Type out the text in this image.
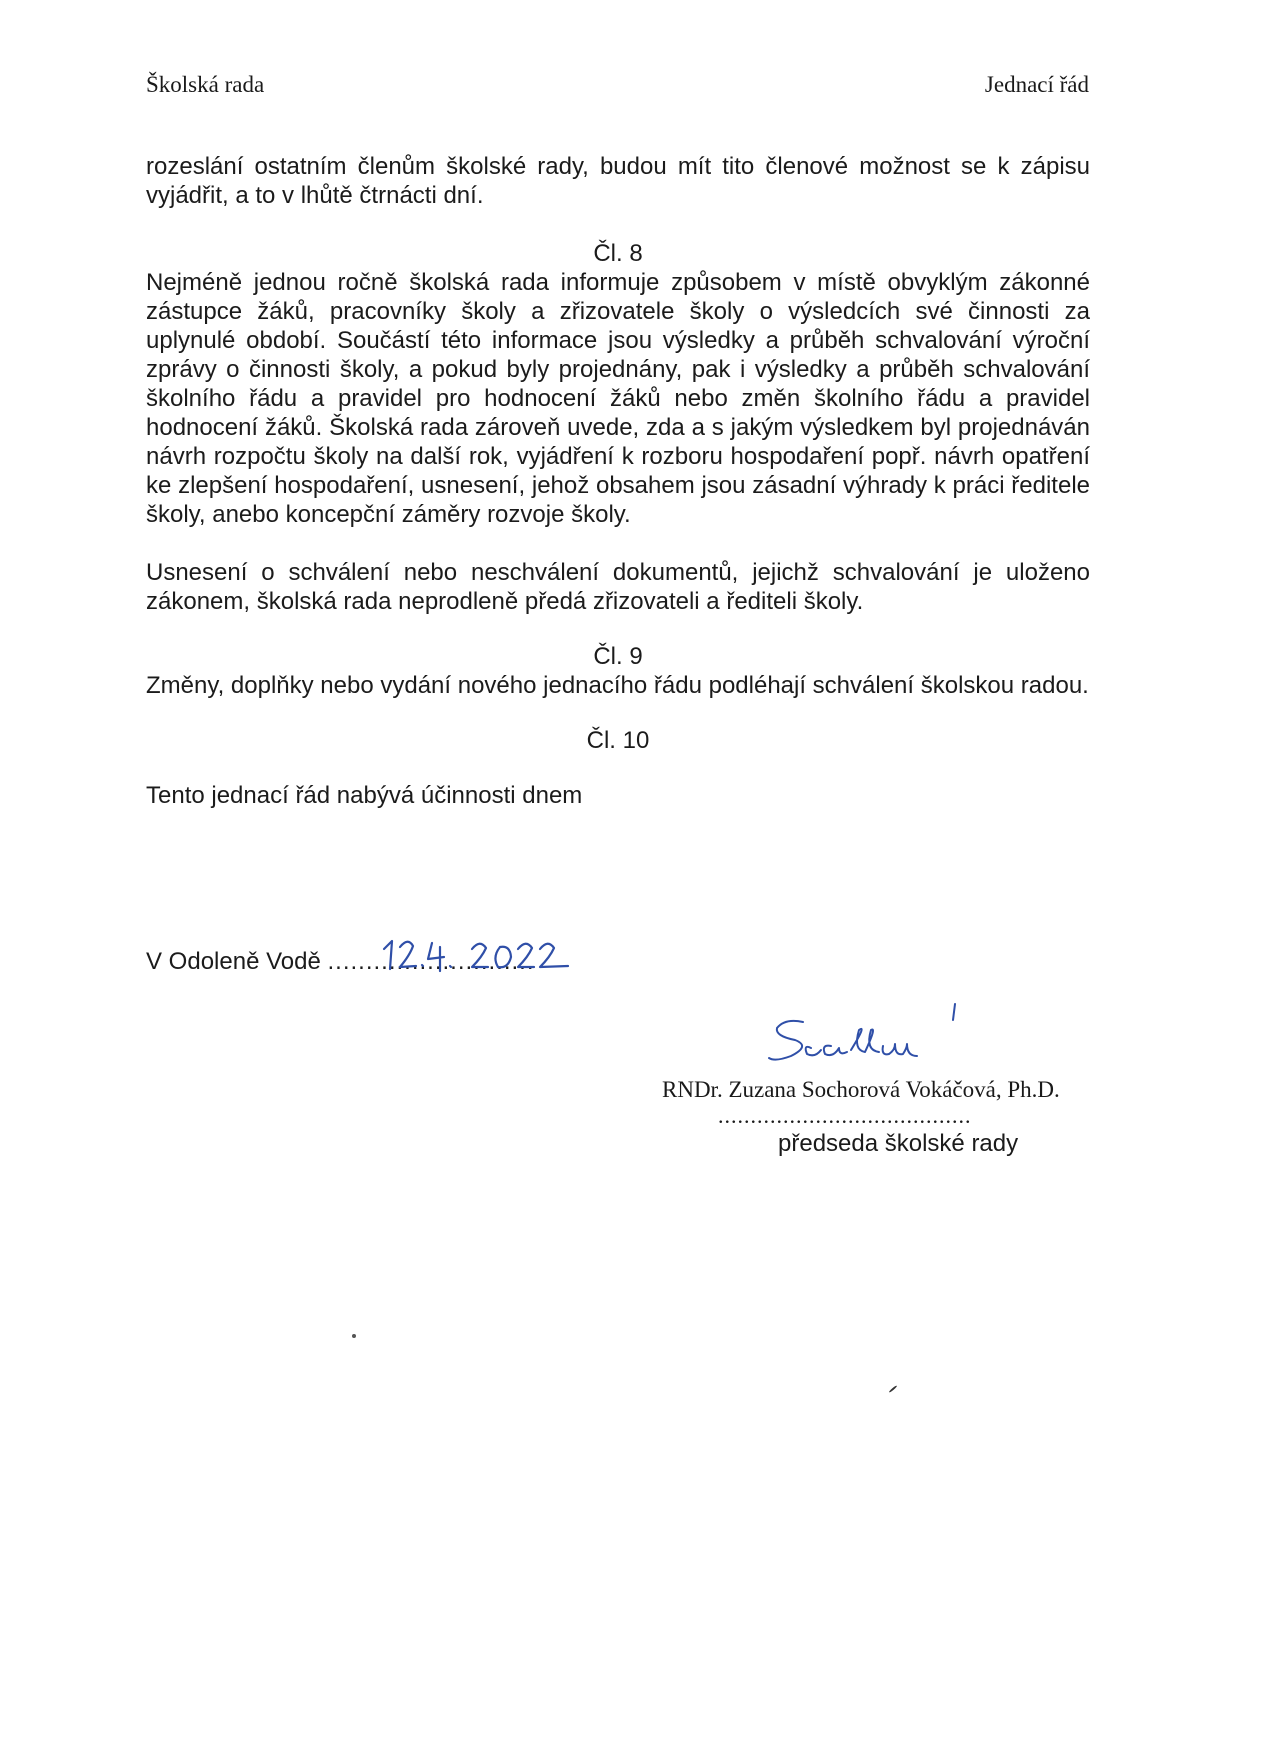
Školská rada	Jednací řád

rozeslání ostatním členům školské rady, budou mít tito členové možnost se k zápisu vyjádřit, a to v lhůtě čtrnácti dní.

Čl. 8

Nejméně jednou ročně školská rada informuje způsobem v místě obvyklým zákonné zástupce žáků, pracovníky školy a zřizovatele školy o výsledcích své činnosti za uplynulé období. Součástí této informace jsou výsledky a průběh schvalování výroční zprávy o činnosti školy, a pokud byly projednány, pak i výsledky a průběh schvalování školního řádu a pravidel pro hodnocení žáků nebo změn školního řádu a pravidel hodnocení žáků. Školská rada zároveň uvede, zda a s jakým výsledkem byl projednáván návrh rozpočtu školy na další rok, vyjádření k rozboru hospodaření popř. návrh opatření ke zlepšení hospodaření, usnesení, jehož obsahem jsou zásadní výhrady k práci ředitele školy, anebo koncepční záměry rozvoje školy.

Usnesení o schválení nebo neschválení dokumentů, jejichž schvalování je uloženo zákonem, školská rada neprodleně předá zřizovateli a řediteli školy.

Čl. 9

Změny, doplňky nebo vydání nového jednacího řádu podléhají schválení školskou radou.

Čl. 10

Tento jednací řád nabývá účinnosti dnem

V Odoleně Vodě ...........................
RNDr. Zuzana Sochorová Vokáčová, Ph.D.
.......................................
předseda školské rady
